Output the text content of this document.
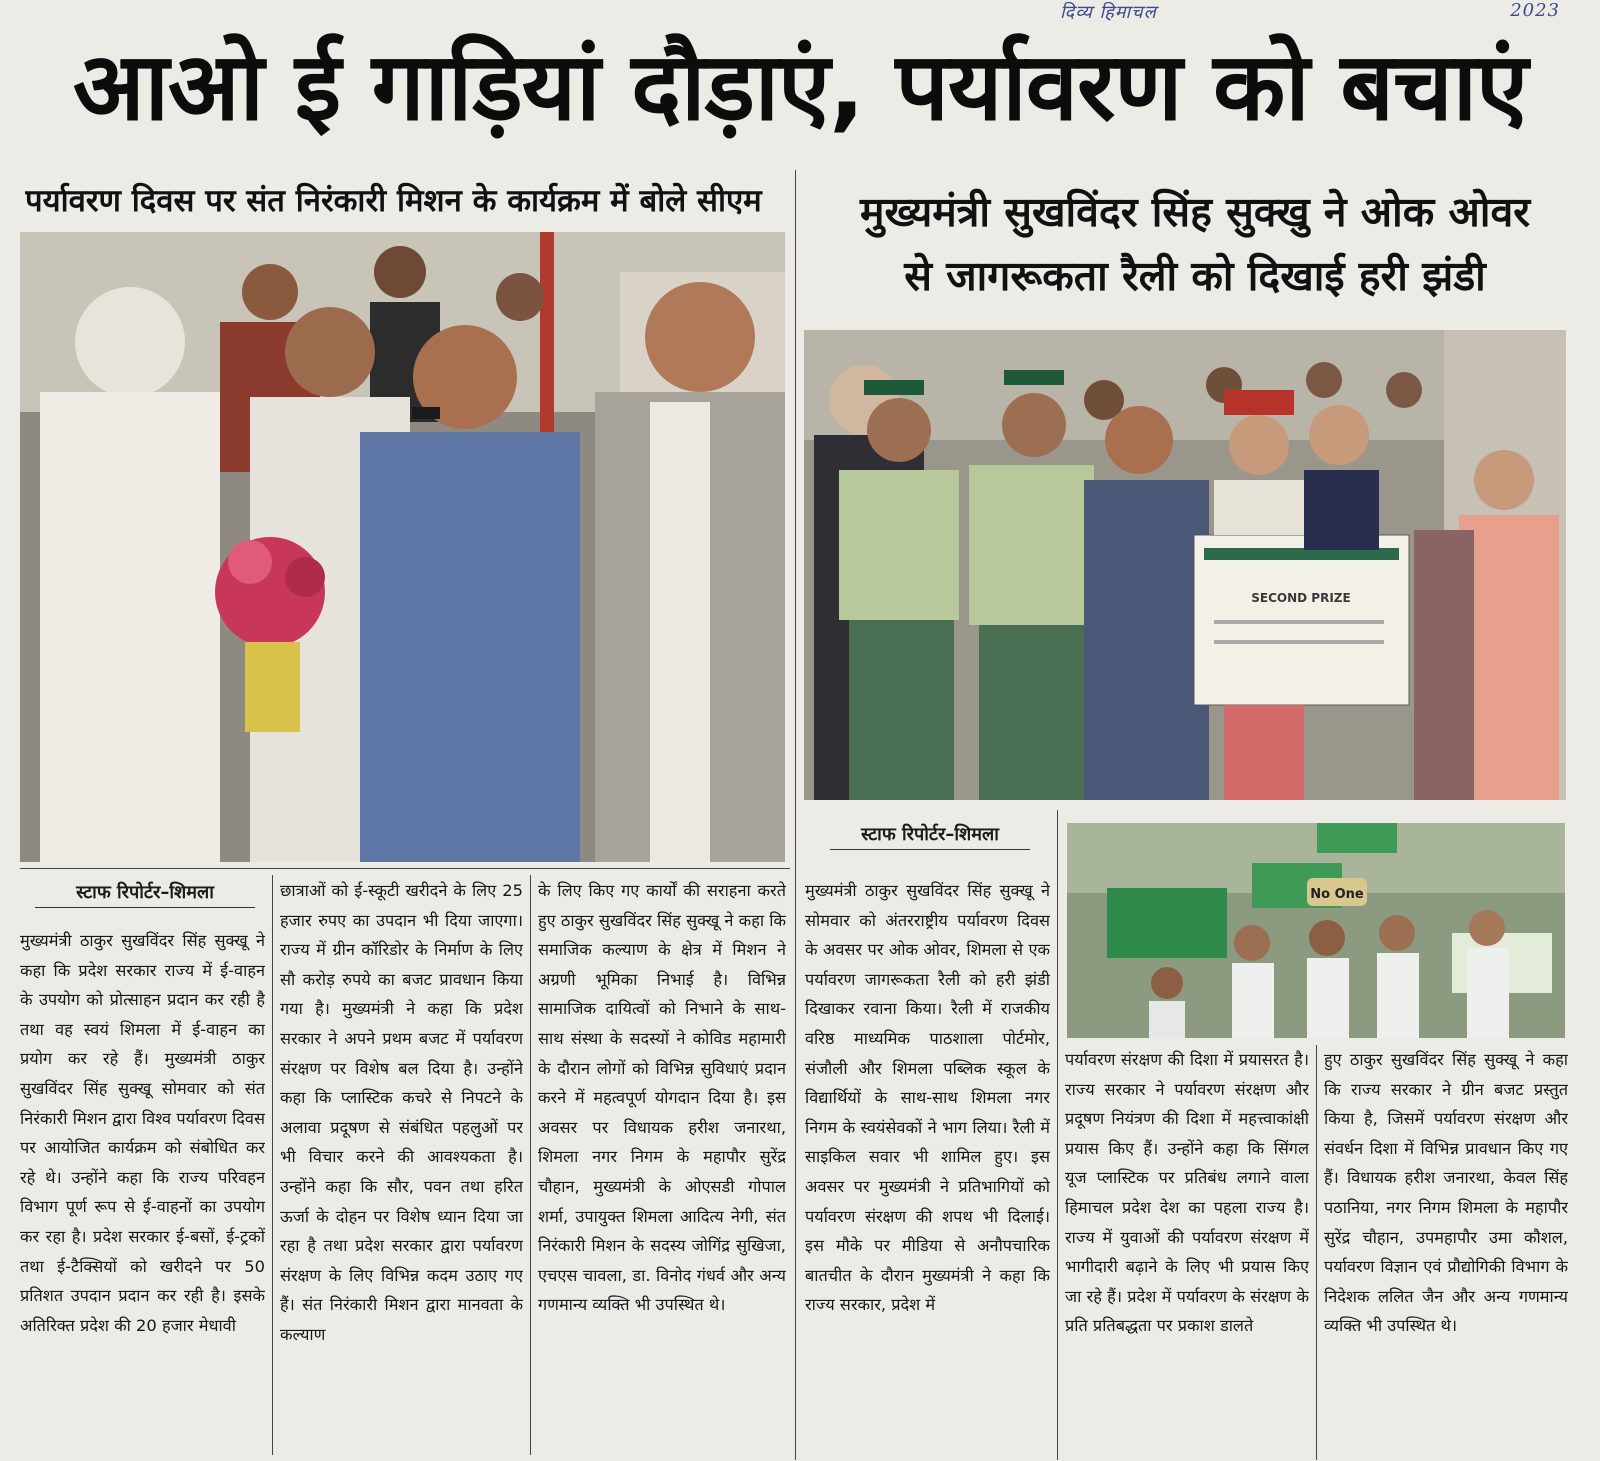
दिव्य हिमाचल	2023
आओ ई गाड़ियां दौड़ाएं, पर्यावरण को बचाएं
पर्यावरण दिवस पर संत निरंकारी मिशन के कार्यक्रम में बोले सीएम	मुख्यमंत्री सुखविंदर सिंह सुक्खु ने ओक ओवर
से जागरूकता रैली को दिखाई हरी झंडी
SECOND PRIZE
No One
स्टाफ रिपोर्टर–शिमला

मुख्यमंत्री ठाकुर सुखविंदर सिंह सुक्खू ने कहा कि प्रदेश सरकार राज्य में ई-वाहन के उपयोग को प्रोत्साहन प्रदान कर रही है तथा वह स्वयं शिमला में ई-वाहन का प्रयोग कर रहे हैं। मुख्यमंत्री ठाकुर सुखविंदर सिंह सुक्खू सोमवार को संत निरंकारी मिशन द्वारा विश्व पर्यावरण दिवस पर आयोजित कार्यक्रम को संबोधित कर रहे थे। उन्होंने कहा कि राज्य परिवहन विभाग पूर्ण रूप से ई-वाहनों का उपयोग कर रहा है। प्रदेश सरकार ई-बसों, ई-ट्रकों तथा ई-टैक्सियों को खरीदने पर 50 प्रतिशत उपदान प्रदान कर रही है। इसके अतिरिक्त प्रदेश की 20 हजार मेधावी

छात्राओं को ई-स्कूटी खरीदने के लिए 25 हजार रुपए का उपदान भी दिया जाएगा। राज्य में ग्रीन कॉरिडोर के निर्माण के लिए सौ करोड़ रुपये का बजट प्रावधान किया गया है। मुख्यमंत्री ने कहा कि प्रदेश सरकार ने अपने प्रथम बजट में पर्यावरण संरक्षण पर विशेष बल दिया है। उन्होंने कहा कि प्लास्टिक कचरे से निपटने के अलावा प्रदूषण से संबंधित पहलुओं पर भी विचार करने की आवश्यकता है। उन्होंने कहा कि सौर, पवन तथा हरित ऊर्जा के दोहन पर विशेष ध्यान दिया जा रहा है तथा प्रदेश सरकार द्वारा पर्यावरण संरक्षण के लिए विभिन्न कदम उठाए गए हैं। संत निरंकारी मिशन द्वारा मानवता के कल्याण

के लिए किए गए कार्यों की सराहना करते हुए ठाकुर सुखविंदर सिंह सुक्खू ने कहा कि समाजिक कल्याण के क्षेत्र में मिशन ने अग्रणी भूमिका निभाई है। विभिन्न सामाजिक दायित्वों को निभाने के साथ-साथ संस्था के सदस्यों ने कोविड महामारी के दौरान लोगों को विभिन्न सुविधाएं प्रदान करने में महत्वपूर्ण योगदान दिया है। इस अवसर पर विधायक हरीश जनारथा, शिमला नगर निगम के महापौर सुरेंद्र चौहान, मुख्यमंत्री के ओएसडी गोपाल शर्मा, उपायुक्त शिमला आदित्य नेगी, संत निरंकारी मिशन के सदस्य जोगिंद्र सुखिजा, एचएस चावला, डा. विनोद गंधर्व और अन्य गणमान्य व्यक्ति भी उपस्थित थे।

स्टाफ रिपोर्टर–शिमला

मुख्यमंत्री ठाकुर सुखविंदर सिंह सुक्खू ने सोमवार को अंतरराष्ट्रीय पर्यावरण दिवस के अवसर पर ओक ओवर, शिमला से एक पर्यावरण जागरूकता रैली को हरी झंडी दिखाकर रवाना किया। रैली में राजकीय वरिष्ठ माध्यमिक पाठशाला पोर्टमोर, संजौली और शिमला पब्लिक स्कूल के विद्यार्थियों के साथ-साथ शिमला नगर निगम के स्वयंसेवकों ने भाग लिया। रैली में साइकिल सवार भी शामिल हुए। इस अवसर पर मुख्यमंत्री ने प्रतिभागियों को पर्यावरण संरक्षण की शपथ भी दिलाई। इस मौके पर मीडिया से अनौपचारिक बातचीत के दौरान मुख्यमंत्री ने कहा कि राज्य सरकार, प्रदेश में

पर्यावरण संरक्षण की दिशा में प्रयासरत है। राज्य सरकार ने पर्यावरण संरक्षण और प्रदूषण नियंत्रण की दिशा में महत्त्वाकांक्षी प्रयास किए हैं। उन्होंने कहा कि सिंगल यूज प्लास्टिक पर प्रतिबंध लगाने वाला हिमाचल प्रदेश देश का पहला राज्य है। राज्य में युवाओं की पर्यावरण संरक्षण में भागीदारी बढ़ाने के लिए भी प्रयास किए जा रहे हैं। प्रदेश में पर्यावरण के संरक्षण के प्रति प्रतिबद्धता पर प्रकाश डालते

हुए ठाकुर सुखविंदर सिंह सुक्खू ने कहा कि राज्य सरकार ने ग्रीन बजट प्रस्तुत किया है, जिसमें पर्यावरण संरक्षण और संवर्धन दिशा में विभिन्न प्रावधान किए गए हैं। विधायक हरीश जनारथा, केवल सिंह पठानिया, नगर निगम शिमला के महापौर सुरेंद्र चौहान, उपमहापौर उमा कौशल, पर्यावरण विज्ञान एवं प्रौद्योगिकी विभाग के निदेशक ललित जैन और अन्य गणमान्य व्यक्ति भी उपस्थित थे।
